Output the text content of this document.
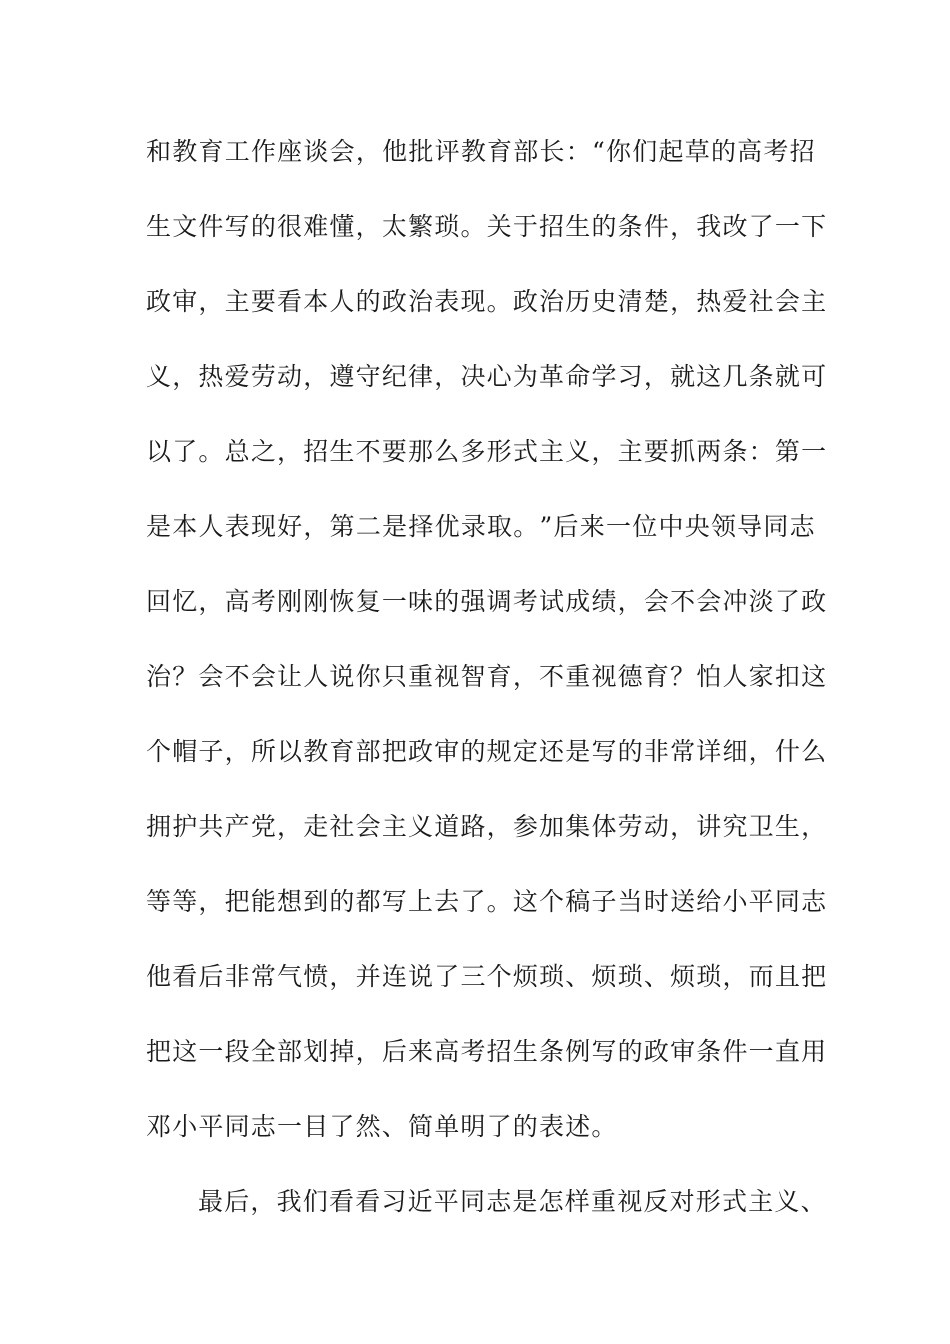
和 教 育 工 作 座 谈 会 ， 他 批 评 教 育 部 长 ： “ 你 们 起 草 的 高 考 招
生 文 件 写 的 很 难 懂 ， 太 繁 琐 。 关 于 招 生 的 条 件 ， 我 改 了 一 下
政 审 ， 主 要 看 本 人 的 政 治 表 现 。 政 治 历 史 清 楚 ， 热 爱 社 会 主
义 ， 热 爱 劳 动 ， 遵 守 纪 律 ， 决 心 为 革 命 学 习 ， 就 这 几 条 就 可
以 了 。 总 之 ， 招 生 不 要 那 么 多 形 式 主 义 ， 主 要 抓 两 条 ： 第 一
是 本 人 表 现 好 ， 第 二 是 择 优 录 取 。 ” 后 来 一 位 中 央 领 导 同 志
回 忆 ， 高 考 刚 刚 恢 复 一 味 的 强 调 考 试 成 绩 ， 会 不 会 冲 淡 了 政
治 ？ 会 不 会 让 人 说 你 只 重 视 智 育 ， 不 重 视 德 育 ？ 怕 人 家 扣 这
个 帽 子 ， 所 以 教 育 部 把 政 审 的 规 定 还 是 写 的 非 常 详 细 ， 什 么
拥 护 共 产 党 ， 走 社 会 主 义 道 路 ， 参 加 集 体 劳 动 ， 讲 究 卫 生 ，
等 等 ， 把 能 想 到 的 都 写 上 去 了 。 这 个 稿 子 当 时 送 给 小 平 同 志
他 看 后 非 常 气 愤 ， 并 连 说 了 三 个 烦 琐 、 烦 琐 、 烦 琐 ， 而 且 把
把 这 一 段 全 部 划 掉 ， 后 来 高 考 招 生 条 例 写 的 政 审 条 件 一 直 用
邓小平同志一目了然、简单明了的表述。
最后，我们看看习近平同志是怎样重视反对形式主义、
